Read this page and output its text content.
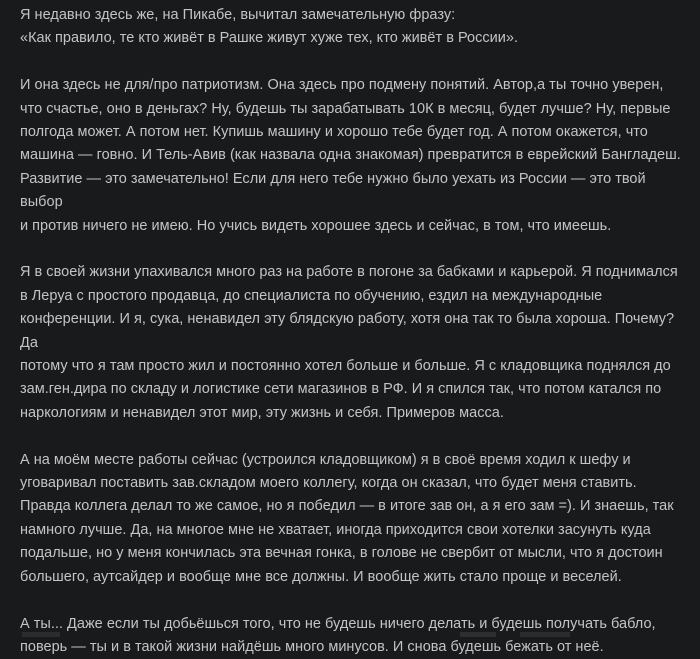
Я недавно здесь же, на Пикабе, вычитал замечательную фразу:
«Как правило, те кто живёт в Рашке живут хуже тех, кто живёт в России».

И она здесь не для/про патриотизм. Она здесь про подмену понятий. Автор,а ты точно уверен,
что счастье, оно в деньгах? Ну, будешь ты зарабатывать 10К в месяц, будет лучше? Ну, первые
полгода может. А потом нет. Купишь машину и хорошо тебе будет год. А потом окажется, что
машина — говно. И Тель-Авив (как назвала одна знакомая) превратится в еврейский Бангладеш.
Развитие — это замечательно! Если для него тебе нужно было уехать из России — это твой выбор
и против ничего не имею. Но учись видеть хорошее здесь и сейчас, в том, что имеешь.

Я в своей жизни упахивался много раз на работе в погоне за бабками и карьерой. Я поднимался
в Леруа с простого продавца, до специалиста по обучению, ездил на международные
конференции. И я, сука, ненавидел эту блядскую работу, хотя она так то была хороша. Почему? Да
потому что я там просто жил и постоянно хотел больше и больше. Я с кладовщика поднялся до
зам.ген.дира по складу и логистике сети магазинов в РФ. И я спился так, что потом катался по
наркологиям и ненавидел этот мир, эту жизнь и себя. Примеров масса.

А на моём месте работы сейчас (устроился кладовщиком) я в своё время ходил к шефу и
уговаривал поставить зав.складом моего коллегу, когда он сказал, что будет меня ставить.
Правда коллега делал то же самое, но я победил — в итоге зав он, а я его зам =). И знаешь, так
намного лучше. Да, на многое мне не хватает, иногда приходится свои хотелки засунуть куда
подальше, но у меня кончилась эта вечная гонка, в голове не свербит от мысли, что я достоин
большего, аутсайдер и вообще мне все должны. И вообще жить стало проще и веселей.

А ты... Даже если ты добьёшься того, что не будешь ничего делать и будешь получать бабло,
поверь — ты и в такой жизни найдёшь много минусов. И снова будешь бежать от неё.
